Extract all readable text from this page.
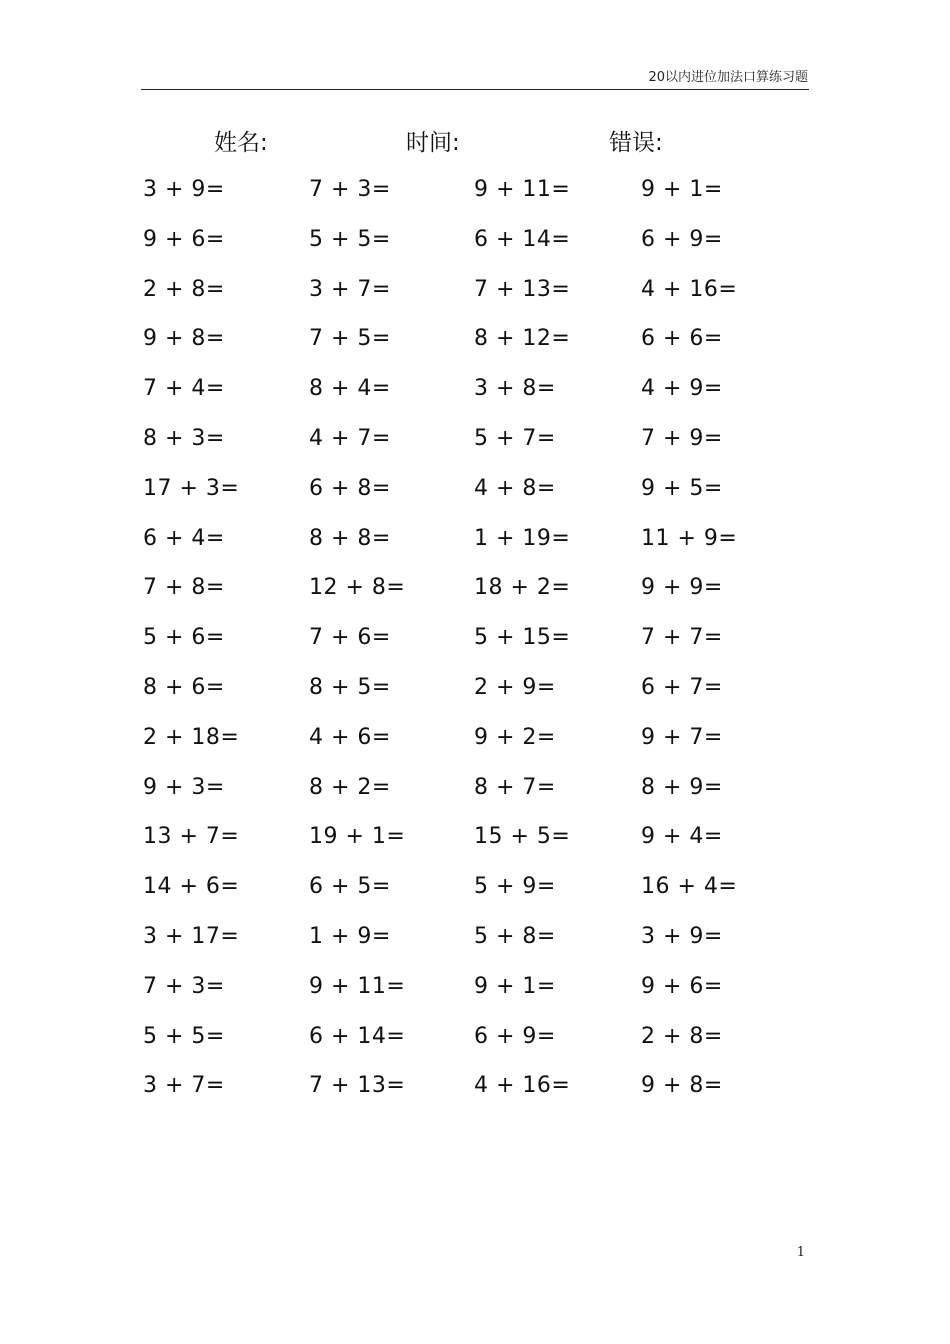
20以内进位加法口算练习题
姓名:	时间:	错误:
3 + 9=
9 + 6=
2 + 8=
9 + 8=
7 + 4=
8 + 3=
17 + 3=
6 + 4=
7 + 8=
5 + 6=
8 + 6=
2 + 18=
9 + 3=
13 + 7=
14 + 6=
3 + 17=
7 + 3=
5 + 5=
3 + 7=
7 + 3=
5 + 5=
3 + 7=
7 + 5=
8 + 4=
4 + 7=
6 + 8=
8 + 8=
12 + 8=
7 + 6=
8 + 5=
4 + 6=
8 + 2=
19 + 1=
6 + 5=
1 + 9=
9 + 11=
6 + 14=
7 + 13=
9 + 11=
6 + 14=
7 + 13=
8 + 12=
3 + 8=
5 + 7=
4 + 8=
1 + 19=
18 + 2=
5 + 15=
2 + 9=
9 + 2=
8 + 7=
15 + 5=
5 + 9=
5 + 8=
9 + 1=
6 + 9=
4 + 16=
9 + 1=
6 + 9=
4 + 16=
6 + 6=
4 + 9=
7 + 9=
9 + 5=
11 + 9=
9 + 9=
7 + 7=
6 + 7=
9 + 7=
8 + 9=
9 + 4=
16 + 4=
3 + 9=
9 + 6=
2 + 8=
9 + 8=
1
